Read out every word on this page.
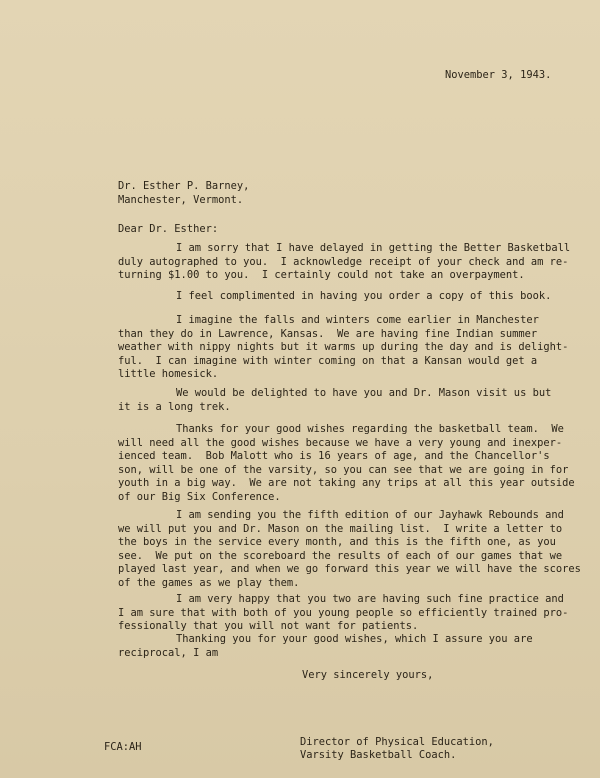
November 3, 1943.
Dr. Esther P. Barney,
Manchester, Vermont.
Dear Dr. Esther:
I am sorry that I have delayed in getting the Better Basketball
duly autographed to you.  I acknowledge receipt of your check and am re-
turning $1.00 to you.  I certainly could not take an overpayment.
I feel complimented in having you order a copy of this book.
I imagine the falls and winters come earlier in Manchester
than they do in Lawrence, Kansas.  We are having fine Indian summer
weather with nippy nights but it warms up during the day and is delight-
ful.  I can imagine with winter coming on that a Kansan would get a
little homesick.
We would be delighted to have you and Dr. Mason visit us but
it is a long trek.
Thanks for your good wishes regarding the basketball team.  We
will need all the good wishes because we have a very young and inexper-
ienced team.  Bob Malott who is 16 years of age, and the Chancellor's
son, will be one of the varsity, so you can see that we are going in for
youth in a big way.  We are not taking any trips at all this year outside
of our Big Six Conference.
I am sending you the fifth edition of our Jayhawk Rebounds and
we will put you and Dr. Mason on the mailing list.  I write a letter to
the boys in the service every month, and this is the fifth one, as you
see.  We put on the scoreboard the results of each of our games that we
played last year, and when we go forward this year we will have the scores
of the games as we play them.
I am very happy that you two are having such fine practice and
I am sure that with both of you young people so efficiently trained pro-
fessionally that you will not want for patients.
Thanking you for your good wishes, which I assure you are
reciprocal, I am
Very sincerely yours,
FCA:AH	Director of Physical Education,
Varsity Basketball Coach.
